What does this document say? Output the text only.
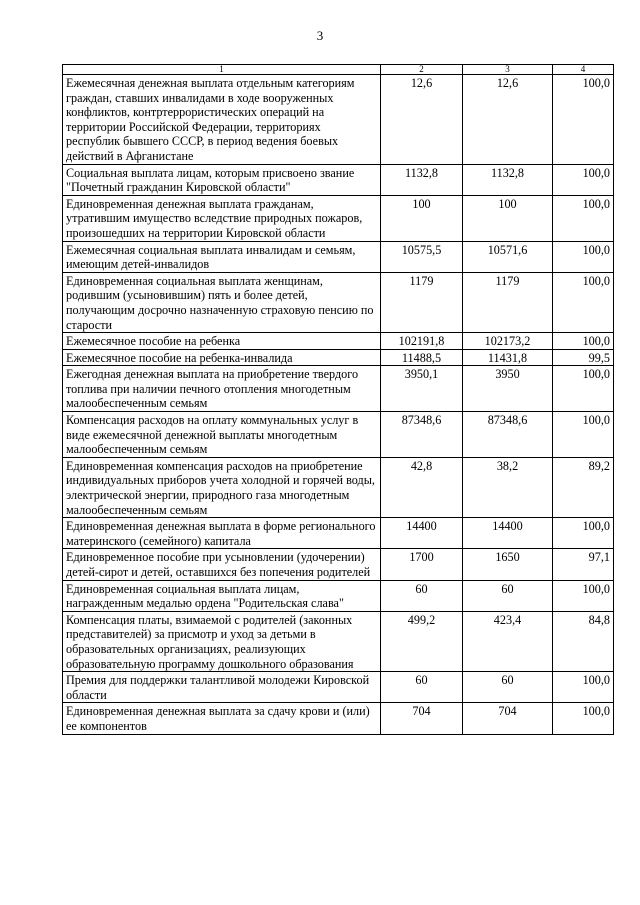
3
1	2	3	4
Ежемесячная денежная выплата отдельным категориям граждан, ставших инвалидами в ходе вооруженных конфликтов, контртеррористических операций на территории Российской Федерации, территориях республик бывшего СССР, в период ведения боевых действий в Афганистане	12,6	12,6	100,0
Социальная выплата лицам, которым присвоено звание "Почетный гражданин Кировской области"	1132,8	1132,8	100,0
Единовременная денежная выплата гражданам, утратившим имущество вследствие природных пожаров, произошедших на территории Кировской области	100	100	100,0
Ежемесячная социальная выплата инвалидам и семьям, имеющим детей-инвалидов	10575,5	10571,6	100,0
Единовременная социальная выплата женщинам, родившим (усыновившим) пять и более детей, получающим досрочно назначенную страховую пенсию по старости	1179	1179	100,0
Ежемесячное пособие на ребенка	102191,8	102173,2	100,0
Ежемесячное пособие на ребенка-инвалида	11488,5	11431,8	99,5
Ежегодная денежная выплата на приобретение твердого топлива при наличии печного отопления многодетным малообеспеченным семьям	3950,1	3950	100,0
Компенсация расходов на оплату коммунальных услуг в виде ежемесячной денежной выплаты многодетным малообеспеченным семьям	87348,6	87348,6	100,0
Единовременная компенсация расходов на приобретение индивидуальных приборов учета холодной и горячей воды, электрической энергии, природного газа многодетным малообеспеченным семьям	42,8	38,2	89,2
Единовременная денежная выплата в форме регионального материнского (семейного) капитала	14400	14400	100,0
Единовременное пособие при усыновлении (удочерении) детей-сирот и детей, оставшихся без попечения родителей	1700	1650	97,1
Единовременная социальная выплата лицам, награжденным медалью ордена "Родительская слава"	60	60	100,0
Компенсация платы, взимаемой с родителей (законных представителей) за присмотр и уход за детьми в образовательных организациях, реализующих образовательную программу дошкольного образования	499,2	423,4	84,8
Премия для поддержки талантливой молодежи Кировской области	60	60	100,0
Единовременная денежная выплата за сдачу крови и (или) ее компонентов	704	704	100,0
